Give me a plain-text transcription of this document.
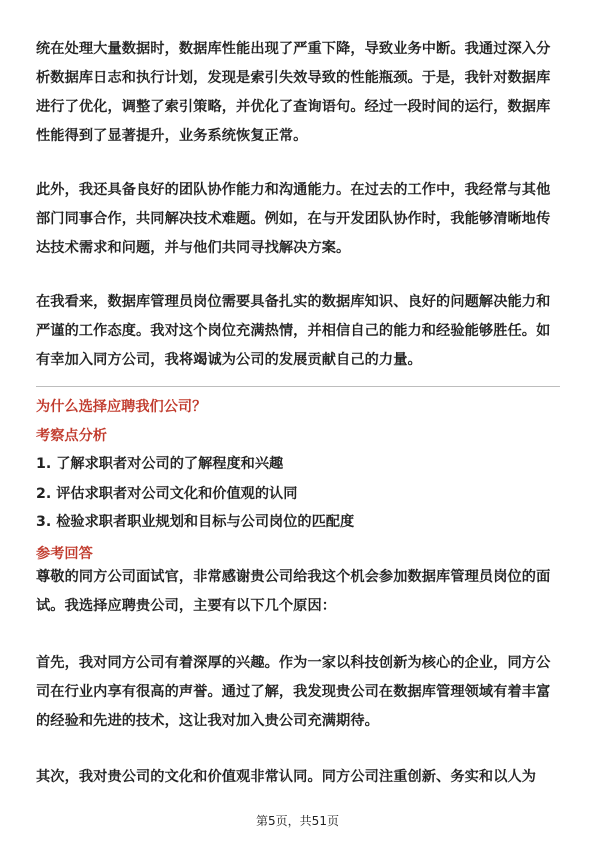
统在处理大量数据时，数据库性能出现了严重下降，导致业务中断。我通过深入分析数据库日志和执行计划，发现是索引失效导致的性能瓶颈。于是，我针对数据库进行了优化，调整了索引策略，并优化了查询语句。经过一段时间的运行，数据库性能得到了显著提升，业务系统恢复正常。

此外，我还具备良好的团队协作能力和沟通能力。在过去的工作中，我经常与其他部门同事合作，共同解决技术难题。例如，在与开发团队协作时，我能够清晰地传达技术需求和问题，并与他们共同寻找解决方案。

在我看来，数据库管理员岗位需要具备扎实的数据库知识、良好的问题解决能力和严谨的工作态度。我对这个岗位充满热情，并相信自己的能力和经验能够胜任。如有幸加入同方公司，我将竭诚为公司的发展贡献自己的力量。

为什么选择应聘我们公司？

考察点分析

1. 了解求职者对公司的了解程度和兴趣

2. 评估求职者对公司文化和价值观的认同

3. 检验求职者职业规划和目标与公司岗位的匹配度

参考回答

尊敬的同方公司面试官，非常感谢贵公司给我这个机会参加数据库管理员岗位的面试。我选择应聘贵公司，主要有以下几个原因：

首先，我对同方公司有着深厚的兴趣。作为一家以科技创新为核心的企业，同方公司在行业内享有很高的声誉。通过了解，我发现贵公司在数据库管理领域有着丰富的经验和先进的技术，这让我对加入贵公司充满期待。

其次，我对贵公司的文化和价值观非常认同。同方公司注重创新、务实和以人为

第5页，共51页
